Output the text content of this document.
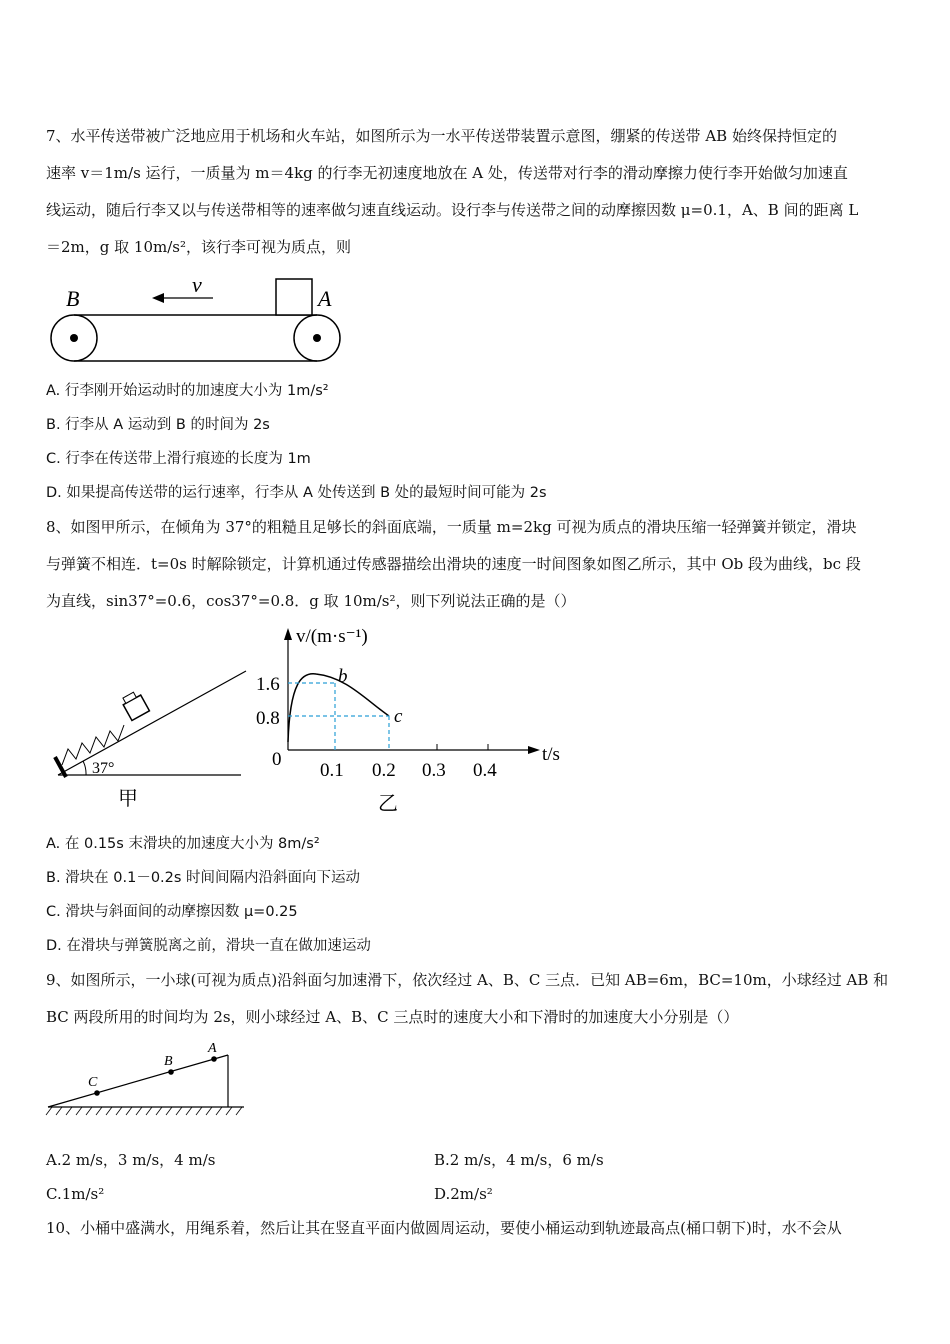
7、水平传送带被广泛地应用于机场和火车站，如图所示为一水平传送带装置示意图，绷紧的传送带 AB 始终保持恒定的
速率 v＝1m/s 运行，一质量为 m＝4kg 的行李无初速度地放在 A 处，传送带对行李的滑动摩擦力使行李开始做匀加速直
线运动，随后行李又以与传送带相等的速率做匀速直线运动。设行李与传送带之间的动摩擦因数 μ=0.1，A、B 间的距离 L
＝2m，g 取 10m/s²，该行李可视为质点，则
B	A
v
A. 行李刚开始运动时的加速度大小为 1m/s²
B. 行李从 A 运动到 B 的时间为 2s
C. 行李在传送带上滑行痕迹的长度为 1m
D. 如果提高传送带的运行速率，行李从 A 处传送到 B 处的最短时间可能为 2s
8、如图甲所示，在倾角为 37°的粗糙且足够长的斜面底端，一质量 m=2kg 可视为质点的滑块压缩一轻弹簧并锁定，滑块
与弹簧不相连．t=0s 时解除锁定，计算机通过传感器描绘出滑块的速度一时间图象如图乙所示，其中 Ob 段为曲线，bc 段
为直线，sin37°=0.6，cos37°=0.8．g 取 10m/s²，则下列说法正确的是（）
37°
甲
v/(m·s⁻¹)
t/s
0
1.6
0.8
0.1 0.2 0.3 0.4
b
c
乙
A. 在 0.15s 末滑块的加速度大小为 8m/s²
B. 滑块在 0.1－0.2s 时间间隔内沿斜面向下运动
C. 滑块与斜面间的动摩擦因数 μ=0.25
D. 在滑块与弹簧脱离之前，滑块一直在做加速运动
9、如图所示，一小球(可视为质点)沿斜面匀加速滑下，依次经过 A、B、C 三点．已知 AB=6m，BC=10m，小球经过 AB 和
BC 两段所用的时间均为 2s，则小球经过 A、B、C 三点时的速度大小和下滑时的加速度大小分别是（）
A
B
C
A.2 m/s，3 m/s，4 m/s	B.2 m/s，4 m/s，6 m/s
C.1m/s²	D.2m/s²
10、小桶中盛满水，用绳系着，然后让其在竖直平面内做圆周运动，要使小桶运动到轨迹最高点(桶口朝下)时，水不会从
